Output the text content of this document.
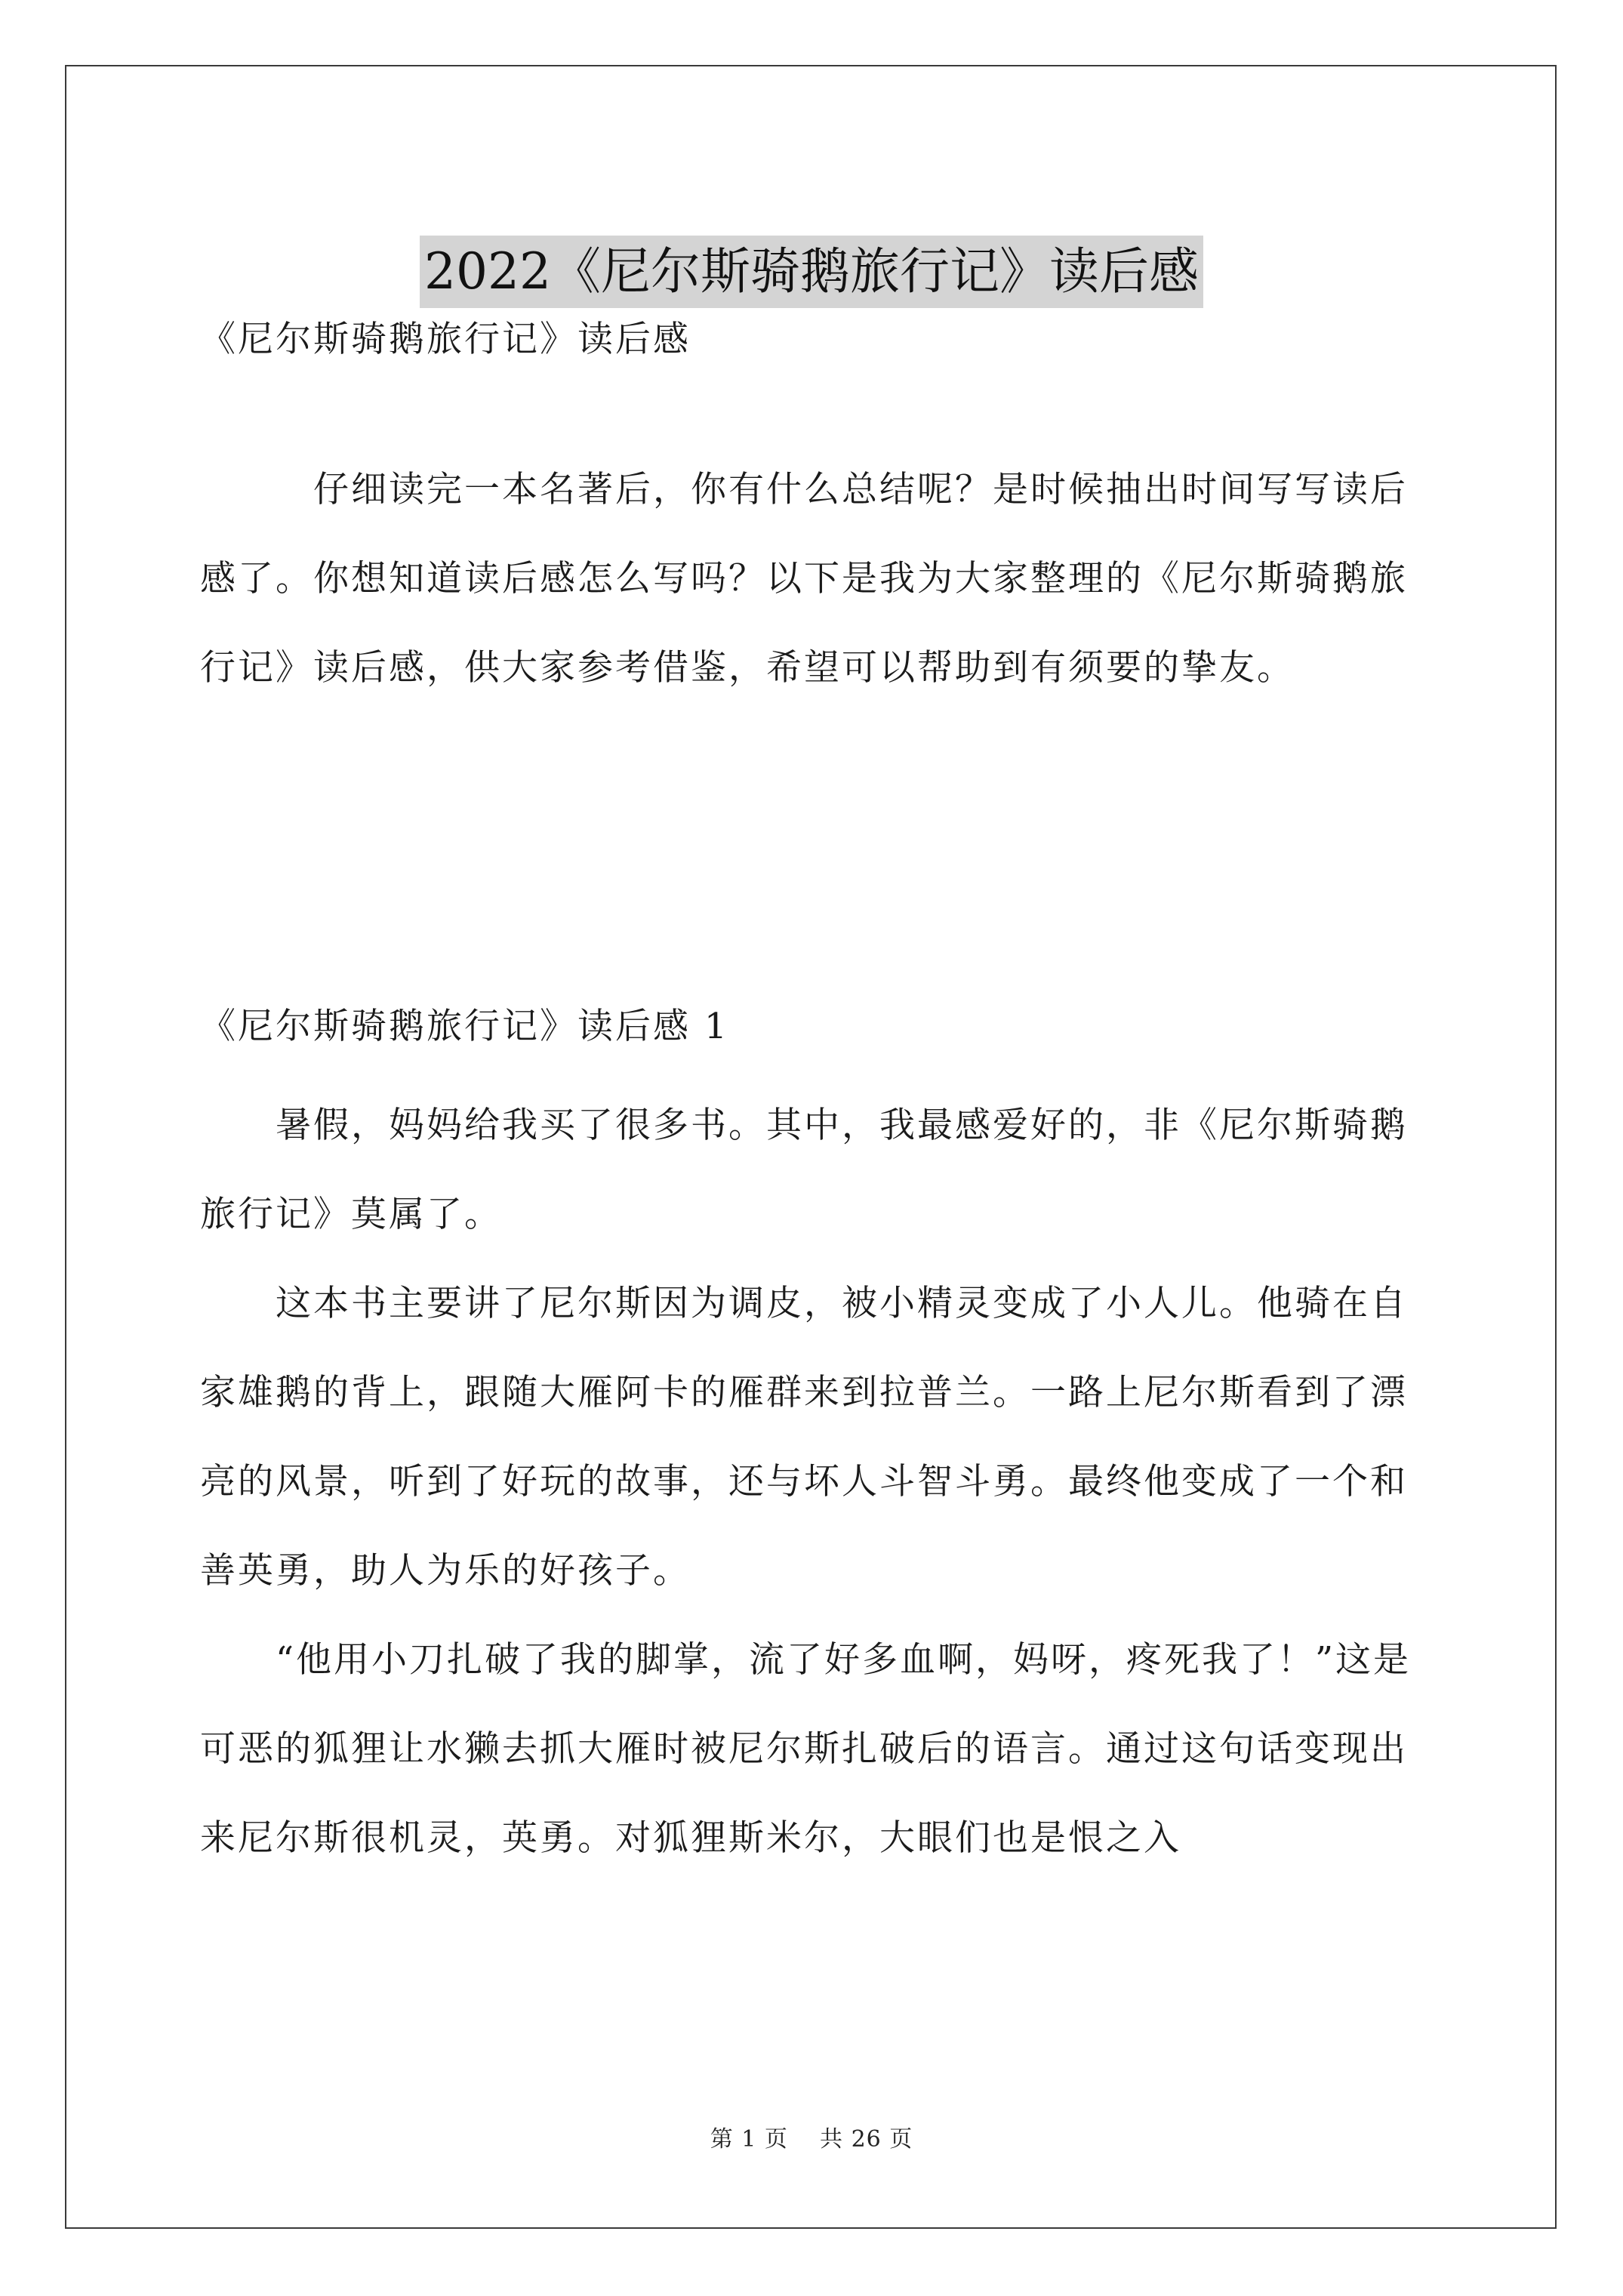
2022《尼尔斯骑鹅旅行记》读后感
《尼尔斯骑鹅旅行记》读后感

　　　仔细读完一本名著后，你有什么总结呢？是时候抽出时间写写读后感了。你想知道读后感怎么写吗？以下是我为大家整理的《尼尔斯骑鹅旅行记》读后感，供大家参考借鉴，希望可以帮助到有须要的挚友。

《尼尔斯骑鹅旅行记》读后感 1

　　暑假，妈妈给我买了很多书。其中，我最感爱好的，非《尼尔斯骑鹅旅行记》莫属了。

　　这本书主要讲了尼尔斯因为调皮，被小精灵变成了小人儿。他骑在自家雄鹅的背上，跟随大雁阿卡的雁群来到拉普兰。一路上尼尔斯看到了漂亮的风景，听到了好玩的故事，还与坏人斗智斗勇。最终他变成了一个和善英勇，助人为乐的好孩子。

　　“他用小刀扎破了我的脚掌，流了好多血啊，妈呀，疼死我了！”这是可恶的狐狸让水獭去抓大雁时被尼尔斯扎破后的语言。通过这句话变现出来尼尔斯很机灵，英勇。对狐狸斯米尔，大眼们也是恨之入

第 1 页 共 26 页
